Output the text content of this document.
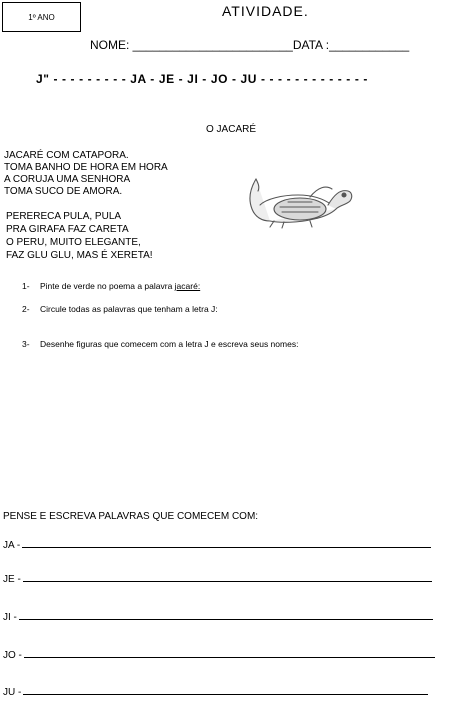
1º ANO	ATIVIDADE.
NOME: ________________________DATA :____________
J" - - - - - - - - - JA - JE - JI - JO - JU - - - - - - - - - - - - -
O JACARÉ
JACARÉ COM CATAPORA.
TOMA BANHO DE HORA EM HORA
A CORUJA UMA SENHORA
TOMA SUCO DE AMORA.
PERERECA PULA, PULA
PRA GIRAFA FAZ CARETA
O PERU, MUITO ELEGANTE,
FAZ GLU GLU, MAS É XERETA!
1- Pinte de verde no poema a palavra jacaré:
2- Circule todas as palavras que tenham a letra J:
3- Desenhe figuras que comecem com a letra J e escreva seus nomes:
PENSE E ESCREVA PALAVRAS QUE COMECEM COM:
JA -
JE -
JI -
JO -
JU -
